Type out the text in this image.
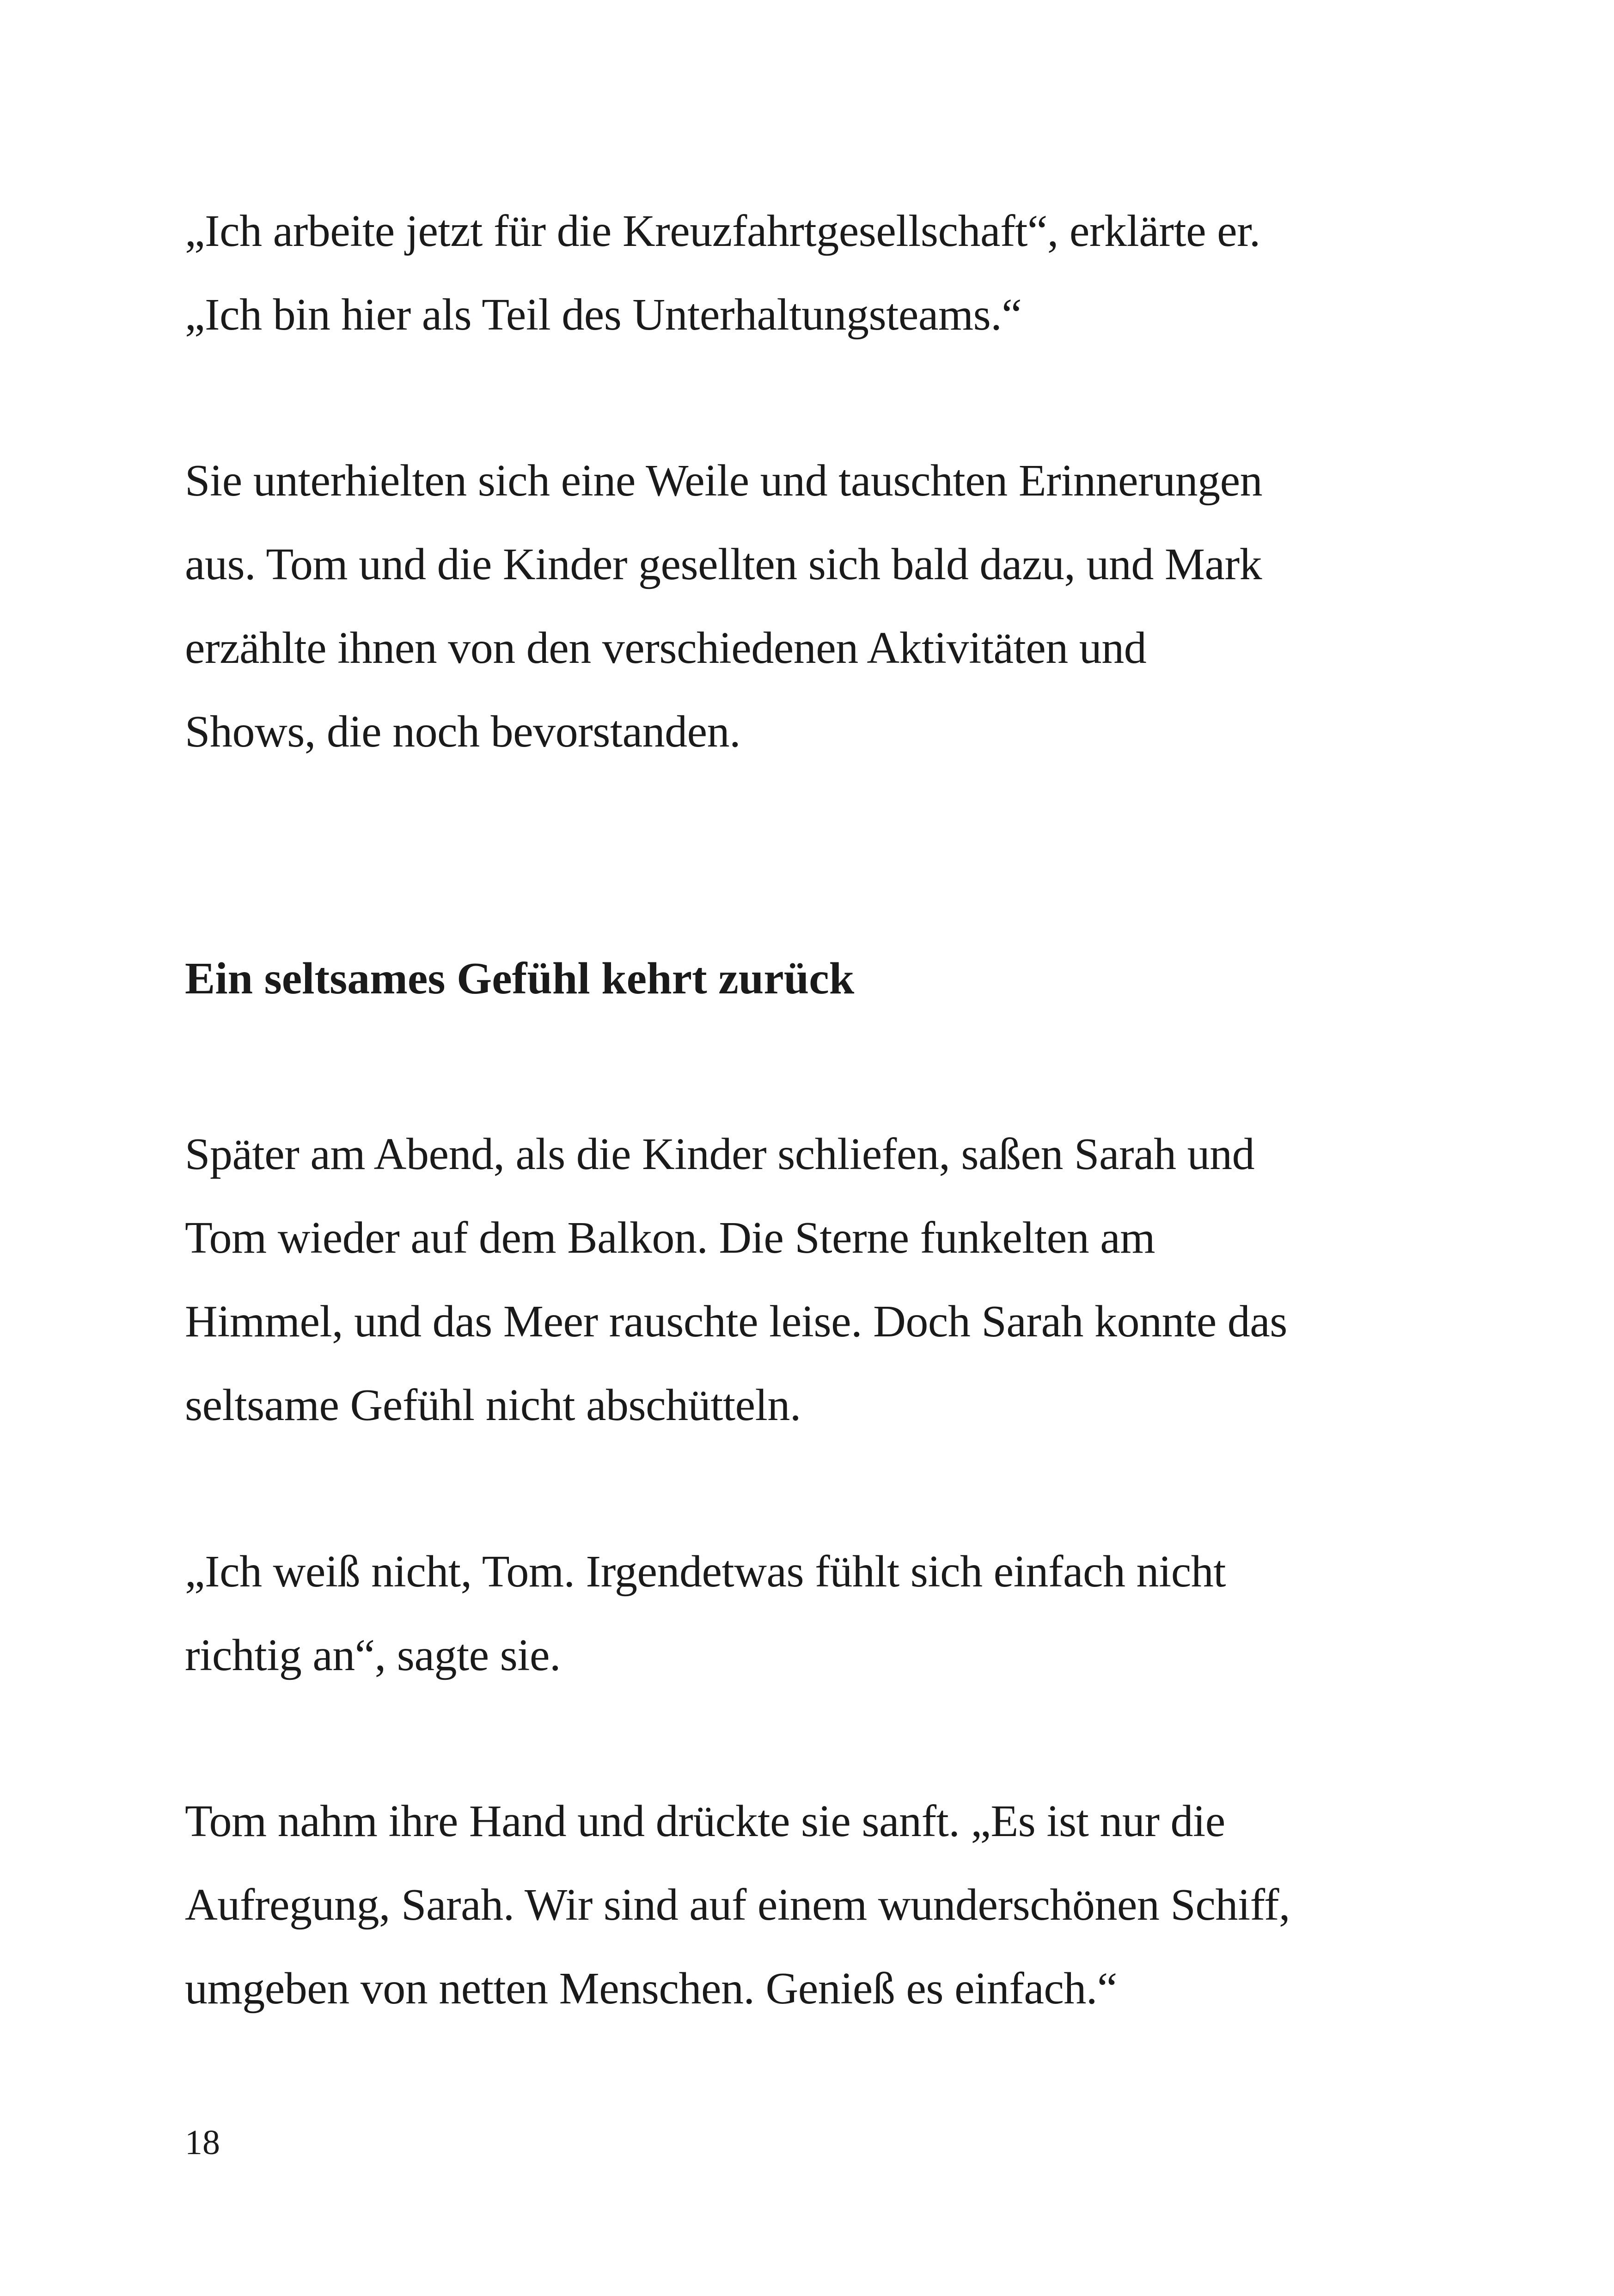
„Ich arbeite jetzt für die Kreuzfahrtgesellschaft“, erklärte er.
„Ich bin hier als Teil des Unterhaltungsteams.“

Sie unterhielten sich eine Weile und tauschten Erinnerungen
aus. Tom und die Kinder gesellten sich bald dazu, und Mark
erzählte ihnen von den verschiedenen Aktivitäten und
Shows, die noch bevorstanden.

Ein seltsames Gefühl kehrt zurück

Später am Abend, als die Kinder schliefen, saßen Sarah und
Tom wieder auf dem Balkon. Die Sterne funkelten am
Himmel, und das Meer rauschte leise. Doch Sarah konnte das
seltsame Gefühl nicht abschütteln.

„Ich weiß nicht, Tom. Irgendetwas fühlt sich einfach nicht
richtig an“, sagte sie.

Tom nahm ihre Hand und drückte sie sanft. „Es ist nur die
Aufregung, Sarah. Wir sind auf einem wunderschönen Schiff,
umgeben von netten Menschen. Genieß es einfach.“

18
